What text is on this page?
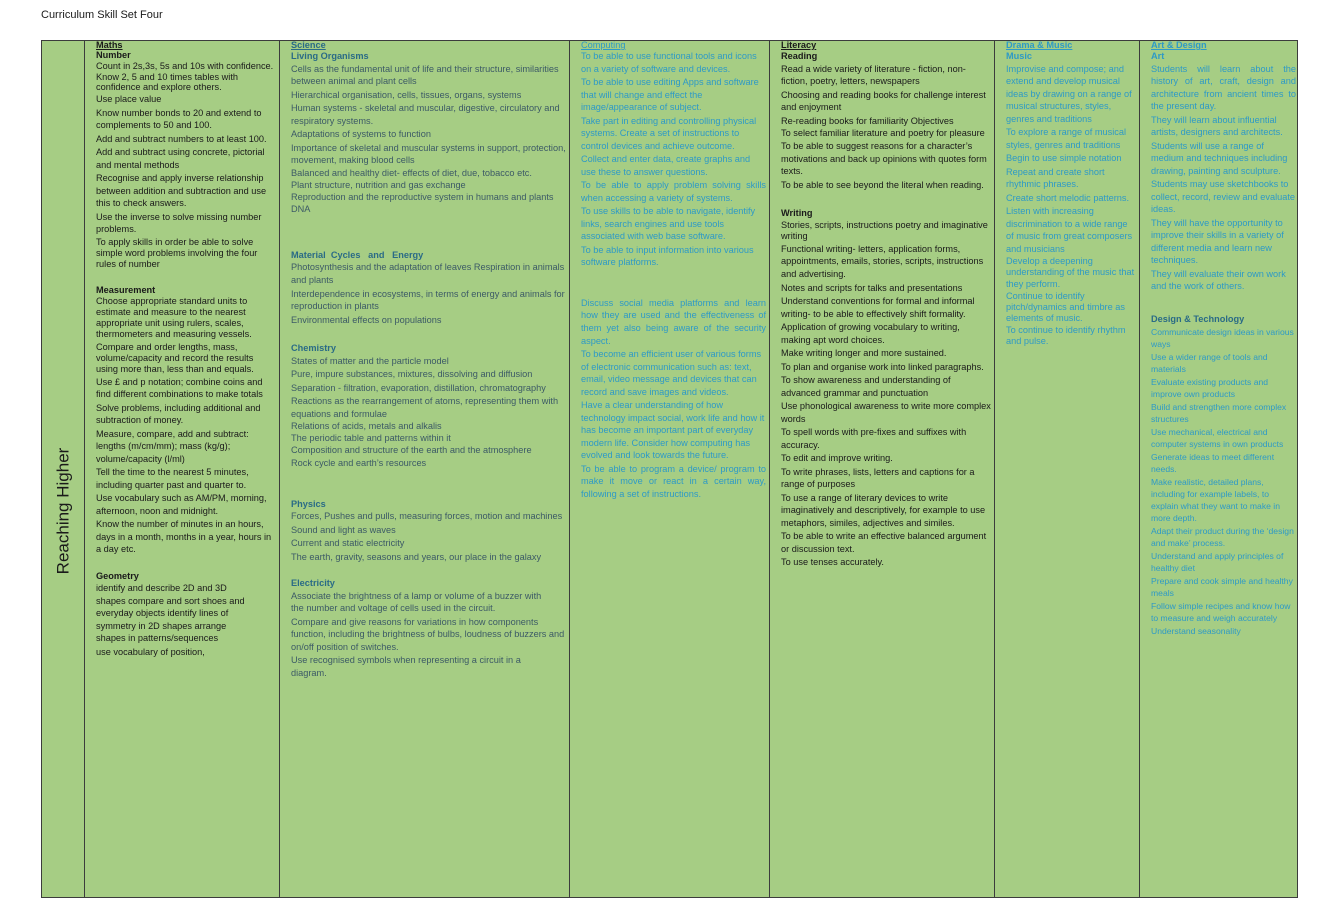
Curriculum Skill Set Four
Reaching Higher
Maths
Number

Count in 2s,3s, 5s and 10s with confidence.

Know 2, 5 and 10 times tables with confidence and explore others.

Use place value

Know number bonds to 20 and extend to complements to 50 and 100.

Add and subtract numbers to at least 100.

Add and subtract using concrete, pictorial and mental methods

Recognise and apply inverse relationship between addition and subtraction and use this to check answers.

Use the inverse to solve missing number problems.

To apply skills in order be able to solve simple word problems involving the four rules of number

Measurement

Choose appropriate standard units to estimate and measure to the nearest appropriate unit using rulers, scales, thermometers and measuring vessels.

Compare and order lengths, mass, volume/capacity and record the results using more than, less than and equals.

Use £ and p notation; combine coins and find different combinations to make totals

Solve problems, including additional and subtraction of money.

Measure, compare, add and subtract: lengths (m/cm/mm); mass (kg/g); volume/capacity (l/ml)

Tell the time to the nearest 5 minutes, including quarter past and quarter to.

Use vocabulary such as AM/PM, morning, afternoon, noon and midnight.

Know the number of minutes in an hours, days in a month, months in a year, hours in a day etc.

Geometry

identify and describe 2D and 3D shapes compare and sort shoes and everyday objects identify lines of symmetry in 2D shapes arrange shapes in patterns/sequences

use vocabulary of position,

Science
Living Organisms

Cells as the fundamental unit of life and their structure, similarities between animal and plant cells

Hierarchical organisation, cells, tissues, organs, systems

Human systems - skeletal and muscular, digestive, circulatory and respiratory systems.

Adaptations of systems to function

Importance of skeletal and muscular systems in support, protection, movement, making blood cells

Balanced and healthy diet- effects of diet, due, tobacco etc.

Plant structure, nutrition and gas exchange

Reproduction and the reproductive system in humans and plants

DNA

Material  Cycles   and   Energy

Photosynthesis and the adaptation of leaves Respiration in animals and plants

Interdependence in ecosystems, in terms of energy and animals for reproduction in plants

Environmental effects on populations

Chemistry

States of matter and the particle model

Pure, impure substances, mixtures, dissolving and diffusion

Separation - filtration, evaporation, distillation, chromatography

Reactions as the rearrangement of atoms, representing them with equations and formulae

Relations of acids, metals and alkalis

The periodic table and patterns within it

Composition and structure of the earth and the atmosphere

Rock cycle and earth’s resources

Physics

Forces, Pushes and pulls, measuring forces, motion and machines

Sound and light as waves

Current and static electricity

The earth, gravity, seasons and years, our place in the galaxy

Electricity

Associate the brightness of a lamp or volume of a buzzer with the number and voltage of cells used in the circuit.

Compare and give reasons for variations in how components function, including the brightness of bulbs, loudness of buzzers and on/off position of switches.

Use recognised symbols when representing a circuit in a diagram.

Computing

To be able to use functional tools and icons on a variety of software and devices.

To be able to use editing Apps and software that will change and effect the image/appearance of subject.

Take part in editing and controlling physical systems. Create a set of instructions to control devices and achieve outcome.

Collect and enter data, create graphs and use these to answer questions.

To be able to apply problem solving skills when accessing a variety of systems.

To use skills to be able to navigate, identify links, search engines and use tools associated with web base software.

To be able to input information into various software platforms.

Discuss social media platforms and learn how they are used and the effectiveness of them yet also being aware of the security aspect.

To become an efficient user of various forms of electronic communication such as: text, email, video message and devices that can record and save images and videos.

Have a clear understanding of how technology impact social, work life and how it has become an important part of everyday modern life. Consider how computing has evolved and look towards the future.

To be able to program a device/ program to make it move or react in a certain way, following a set of instructions.

Literacy
Reading

Read a wide variety of literature - fiction, non-fiction, poetry, letters, newspapers

Choosing and reading books for challenge interest and enjoyment

Re-reading books for familiarity Objectives

To select familiar literature and poetry for pleasure

To be able to suggest reasons for a character’s motivations and back up opinions with quotes form texts.

To be able to see beyond the literal when reading.

Writing

Stories, scripts, instructions poetry and imaginative writing

Functional writing- letters, application forms, appointments, emails, stories, scripts, instructions and advertising.

Notes and scripts for talks and presentations

Understand conventions for formal and informal writing- to be able to effectively shift formality.

Application of growing vocabulary to writing, making apt word choices.

Make writing longer and more sustained.

To plan and organise work into linked paragraphs.

To show awareness and understanding of advanced grammar and punctuation

Use phonological awareness to write more complex words

To spell words with pre-fixes and suffixes with accuracy.

To edit and improve writing.

To write phrases, lists, letters and captions for a range of purposes

To use a range of literary devices to write imaginatively and descriptively, for example to use metaphors, similes, adjectives and similes.

To be able to write an effective balanced argument or discussion text.

To use tenses accurately.

Drama & Music
Music

Improvise and compose; and extend and develop musical ideas by drawing on a range of musical structures, styles, genres and traditions

To explore a range of musical styles, genres and traditions

Begin to use simple notation

Repeat and create short rhythmic phrases.

Create short melodic patterns.

Listen with increasing discrimination to a wide range of music from great composers and musicians

Develop a deepening understanding of the music that they perform.

Continue to identify pitch/dynamics and timbre as elements of music.

To continue to identify rhythm and pulse.

Art & Design
Art

Students will learn about the history of art, craft, design and architecture from ancient times to the present day.

They will learn about influential artists, designers and architects.

Students will use a range of medium and techniques including drawing, painting and sculpture.

Students may use sketchbooks to collect, record, review and evaluate ideas.

They will have the opportunity to improve their skills in a variety of different media and learn new techniques.

They will evaluate their own work and the work of others.

Design & Technology

Communicate design ideas in various ways

Use a wider range of tools and materials

Evaluate existing products and improve own products

Build and strengthen more complex structures

Use mechanical, electrical and computer systems in own products

Generate ideas to meet different needs.

Make realistic, detailed plans, including for example labels, to explain what they want to make in more depth.

Adapt their product during the ‘design and make’ process.

Understand and apply principles of healthy diet

Prepare and cook simple and healthy meals

Follow simple recipes and know how to measure and weigh accurately

Understand seasonality
